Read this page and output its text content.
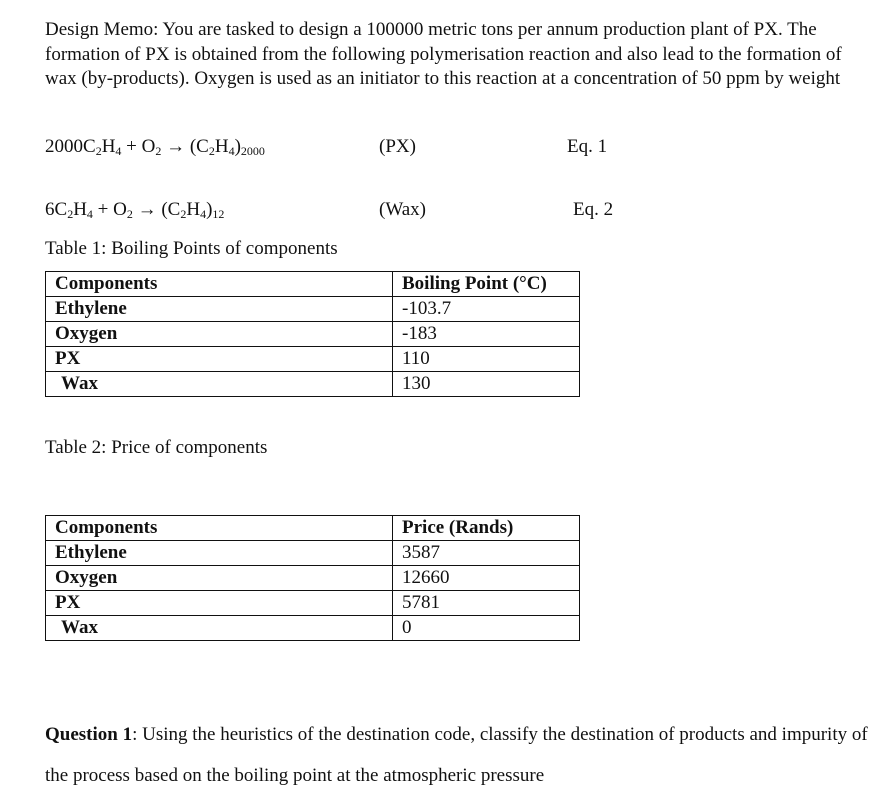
Design Memo: You are tasked to design a 100000 metric tons per annum production plant of PX. The formation of PX is obtained from the following polymerisation reaction and also lead to the formation of wax (by-products). Oxygen is used as an initiator to this reaction at a concentration of 50 ppm by weight

$2000C_2H_4 + O_2 \to (C_2H_4)_{2000}$	(PX)	Eq. 1
$6C_2H_4 + O_2 \to (C_2H_4)_{12}$	(Wax)	Eq. 2
Table 1: Boiling Points of components
Components	Boiling Point (°C)
Ethylene	-103.7
Oxygen	-183
PX	110
Wax	130
Table 2: Price of components
Components	Price (Rands)
Ethylene	3587
Oxygen	12660
PX	5781
Wax	0

Question 1: Using the heuristics of the destination code, classify the destination of products and impurity of the process based on the boiling point at the atmospheric pressure
